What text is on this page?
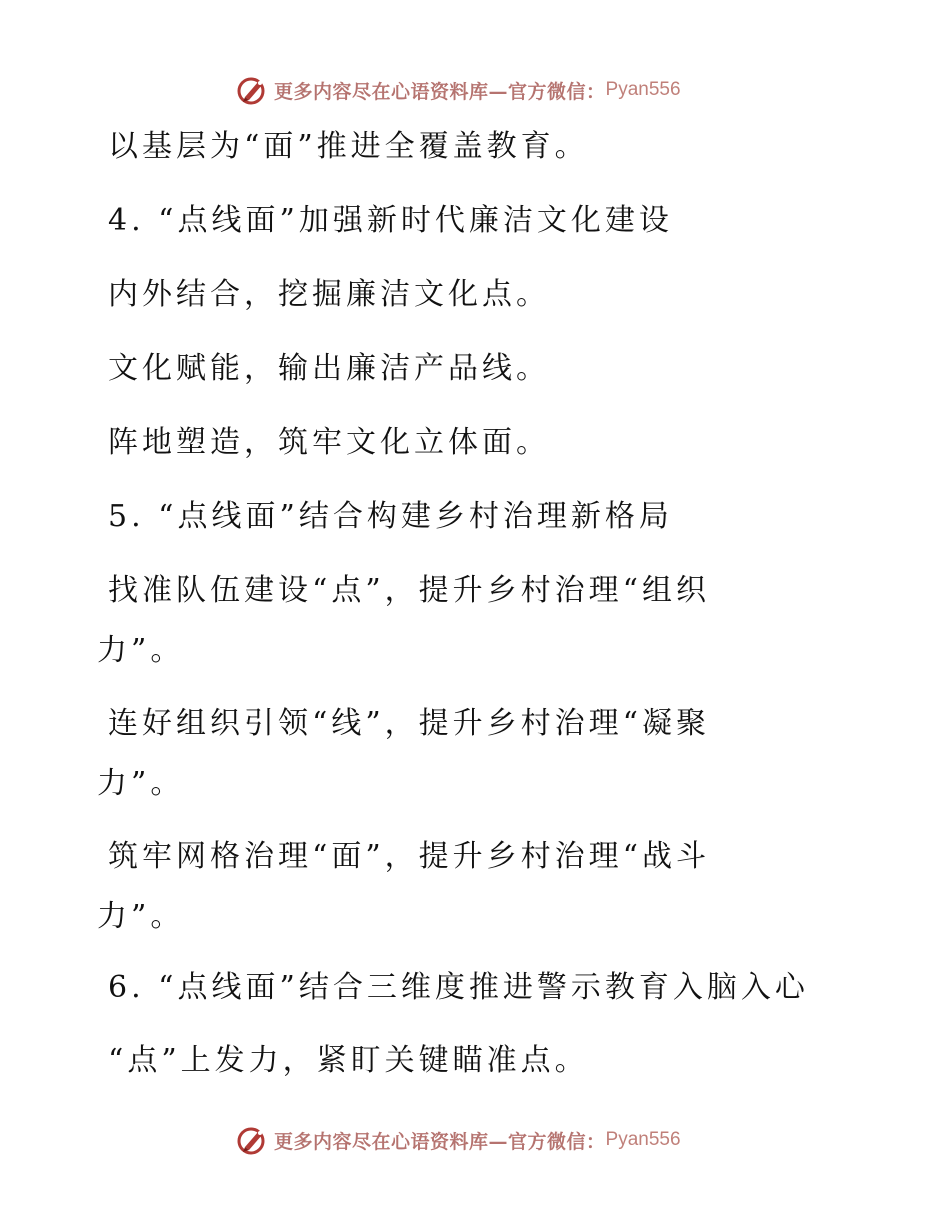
更多内容尽在心语资料库—官方微信： Pyan556

以基层为“面”推进全覆盖教育。

4. “点线面”加强新时代廉洁文化建设

内外结合，挖掘廉洁文化点。

文化赋能，输出廉洁产品线。

阵地塑造，筑牢文化立体面。

5. “点线面”结合构建乡村治理新格局

找准队伍建设“点”，提升乡村治理“组织

力”。

连好组织引领“线”，提升乡村治理“凝聚

力”。

筑牢网格治理“面”，提升乡村治理“战斗

力”。

6. “点线面”结合三维度推进警示教育入脑入心

“点”上发力，紧盯关键瞄准点。

更多内容尽在心语资料库—官方微信： Pyan556
